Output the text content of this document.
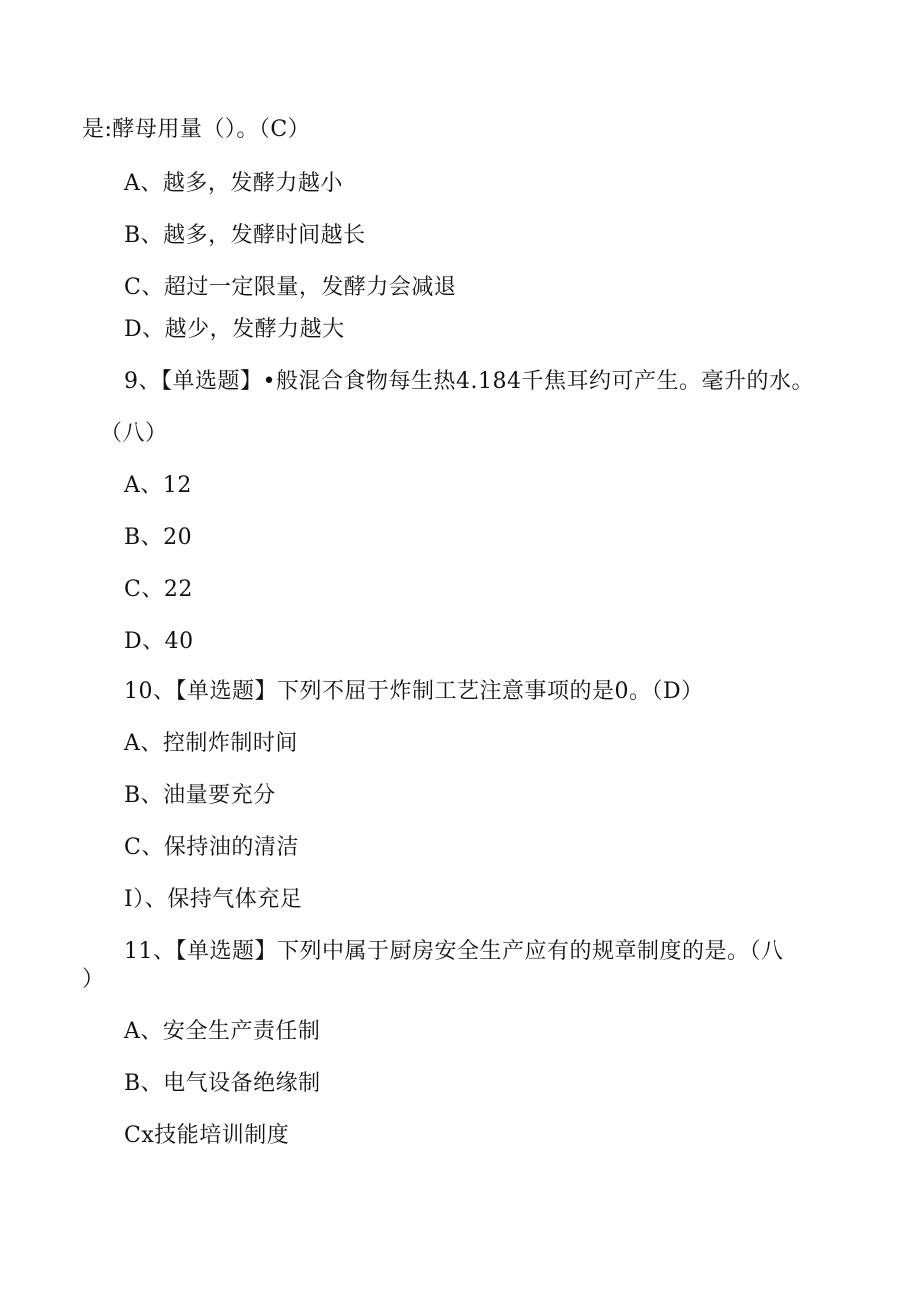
是:酵母用量（）。（C）
A、越多，发酵力越小
B、越多，发酵时间越长
C、超过一定限量，发酵力会减退
D、越少，发酵力越大
9、【单选题】•般混合食物每生热4.184千焦耳约可产生。毫升的水。
（八）
A、12
B、20
C、22
D、40
10、【单选题】下列不屈于炸制工艺注意事项的是0。（D）
A、控制炸制时间
B、油量要充分
C、保持油的清洁
I）、保持气体充足
11、【单选题】下列中属于厨房安全生产应有的规章制度的是。（八
）
A、安全生产责任制
B、电气设备绝缘制
Cx技能培训制度
